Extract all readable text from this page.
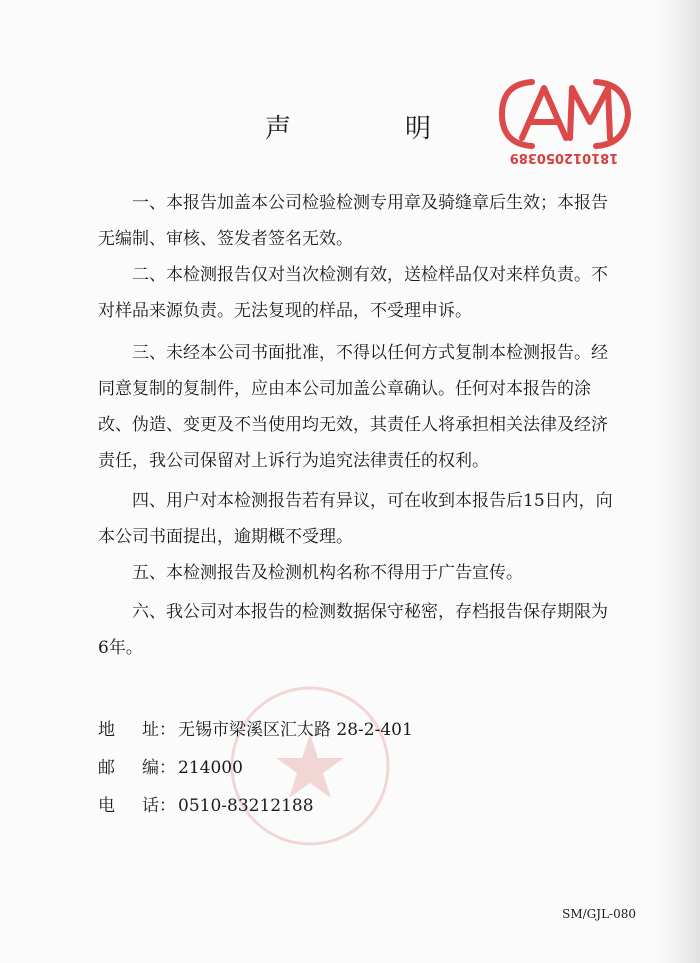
声	明
181012050389
一、本报告加盖本公司检验检测专用章及骑缝章后生效；本报告无编制、审核、签发者签名无效。
二、本检测报告仅对当次检测有效，送检样品仅对来样负责。不对样品来源负责。无法复现的样品，不受理申诉。
三、未经本公司书面批准，不得以任何方式复制本检测报告。经同意复制的复制件，应由本公司加盖公章确认。任何对本报告的涂改、伪造、变更及不当使用均无效，其责任人将承担相关法律及经济责任，我公司保留对上诉行为追究法律责任的权利。
四、用户对本检测报告若有异议，可在收到本报告后15日内，向本公司书面提出，逾期概不受理。
五、本检测报告及检测机构名称不得用于广告宣传。
六、我公司对本报告的检测数据保守秘密，存档报告保存期限为6年。
地 址： 无锡市梁溪区汇太路 28-2-401
邮 编： 214000
电 话： 0510-83212188
SM/GJL-080
